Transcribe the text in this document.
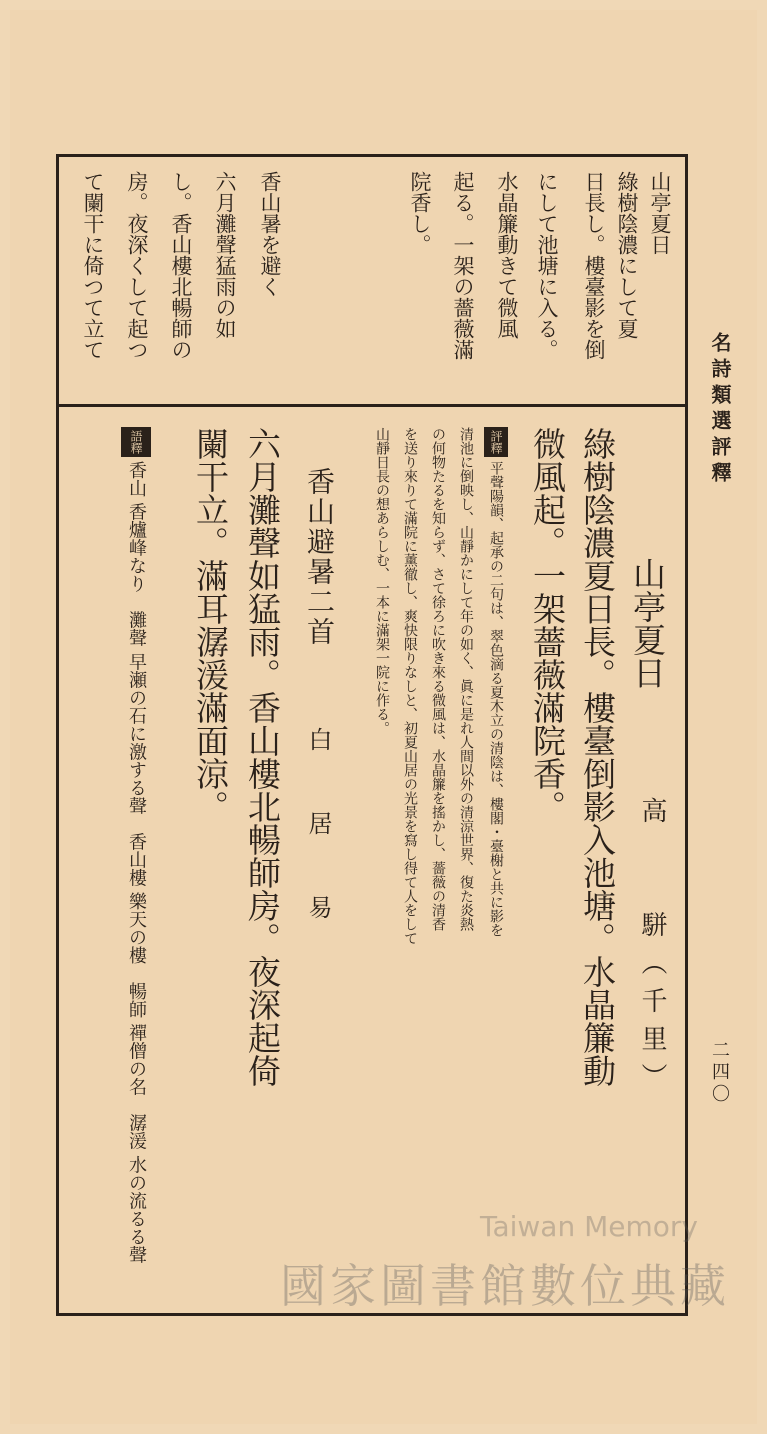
名詩類選評釋
二四〇
山亭夏日
綠樹陰濃にして夏
日長し。樓臺影を倒
にして池塘に入る。
水晶簾動きて微風
起る。一架の薔薇滿
院香し。
香山暑を避く
六月灘聲猛雨の如
し。香山樓北暢師の
房。夜深くして起つ
て闌干に倚つて立て
山亭夏日
高　　駢（千里）
綠樹陰濃夏日長。樓臺倒影入池塘。水晶簾動
微風起。一架薔薇滿院香。
評釋平聲陽韻、起承の二句は、翠色滴る夏木立の清陰は、樓閣・臺榭と共に影を
清池に倒映し、山靜かにして年の如く、眞に是れ人間以外の清涼世界、復た炎熱
の何物たるを知らず、さて徐ろに吹き來る微風は、水晶簾を搖かし、薔薇の清香
を送り來りて滿院に薰徹し、爽快限りなしと、初夏山居の光景を寫し得て人をして
山靜日長の想あらしむ、一本に滿架一院に作る。
香山避暑二首
白　居　易
六月灘聲如猛雨。香山樓北暢師房。夜深起倚
闌干立。滿耳潺湲滿面涼。
語釋香山 香爐峰なり　灘聲 早瀬の石に激する聲　香山樓 樂天の樓　暢師 禪僧の名　潺湲 水の流るる聲	Taiwan Memory
國家圖書館數位典藏
